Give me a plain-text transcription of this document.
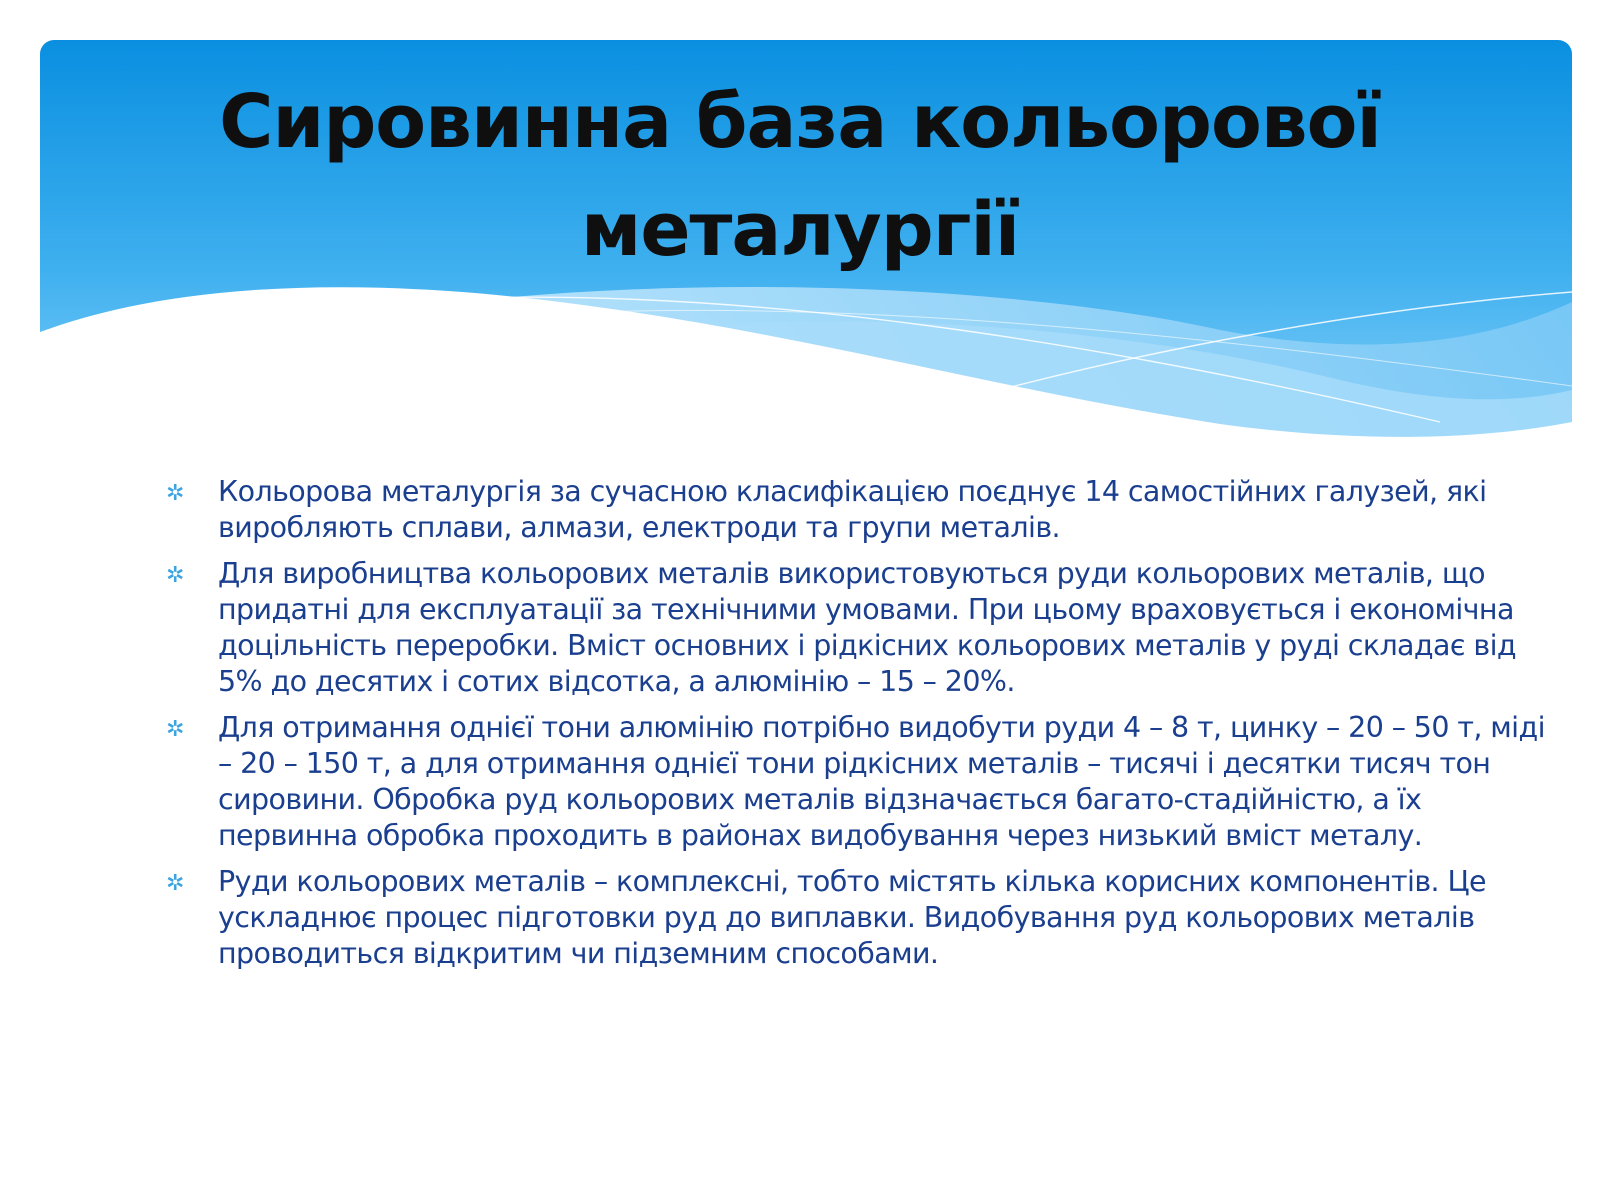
Сировинна база кольорової металургії
✲ Кольорова металургія за сучасною класифікацією поєднує 14 самостійних галузей, які виробляють сплави, алмази, електроди та групи металів.
✲ Для виробництва кольорових металів використовуються руди кольорових металів, що придатні для експлуатації за технічними умовами. При цьому враховується і економічна доцільність переробки. Вміст основних і рідкісних кольорових металів у руді складає від 5% до десятих і сотих відсотка, а алюмінію – 15 – 20%.
✲ Для отримання однієї тони алюмінію потрібно видобути руди 4 – 8 т, цинку – 20 – 50 т, міді – 20 – 150 т, а для отримання однієї тони рідкісних металів – тисячі і десятки тисяч тон сировини. Обробка руд кольорових металів відзначається багато-стадійністю, а їх первинна обробка проходить в районах видобування через низький вміст металу.
✲ Руди кольорових металів – комплексні, тобто містять кілька корисних компонентів. Це ускладнює процес підготовки руд до виплавки. Видобування руд кольорових металів проводиться відкритим чи підземним способами.
